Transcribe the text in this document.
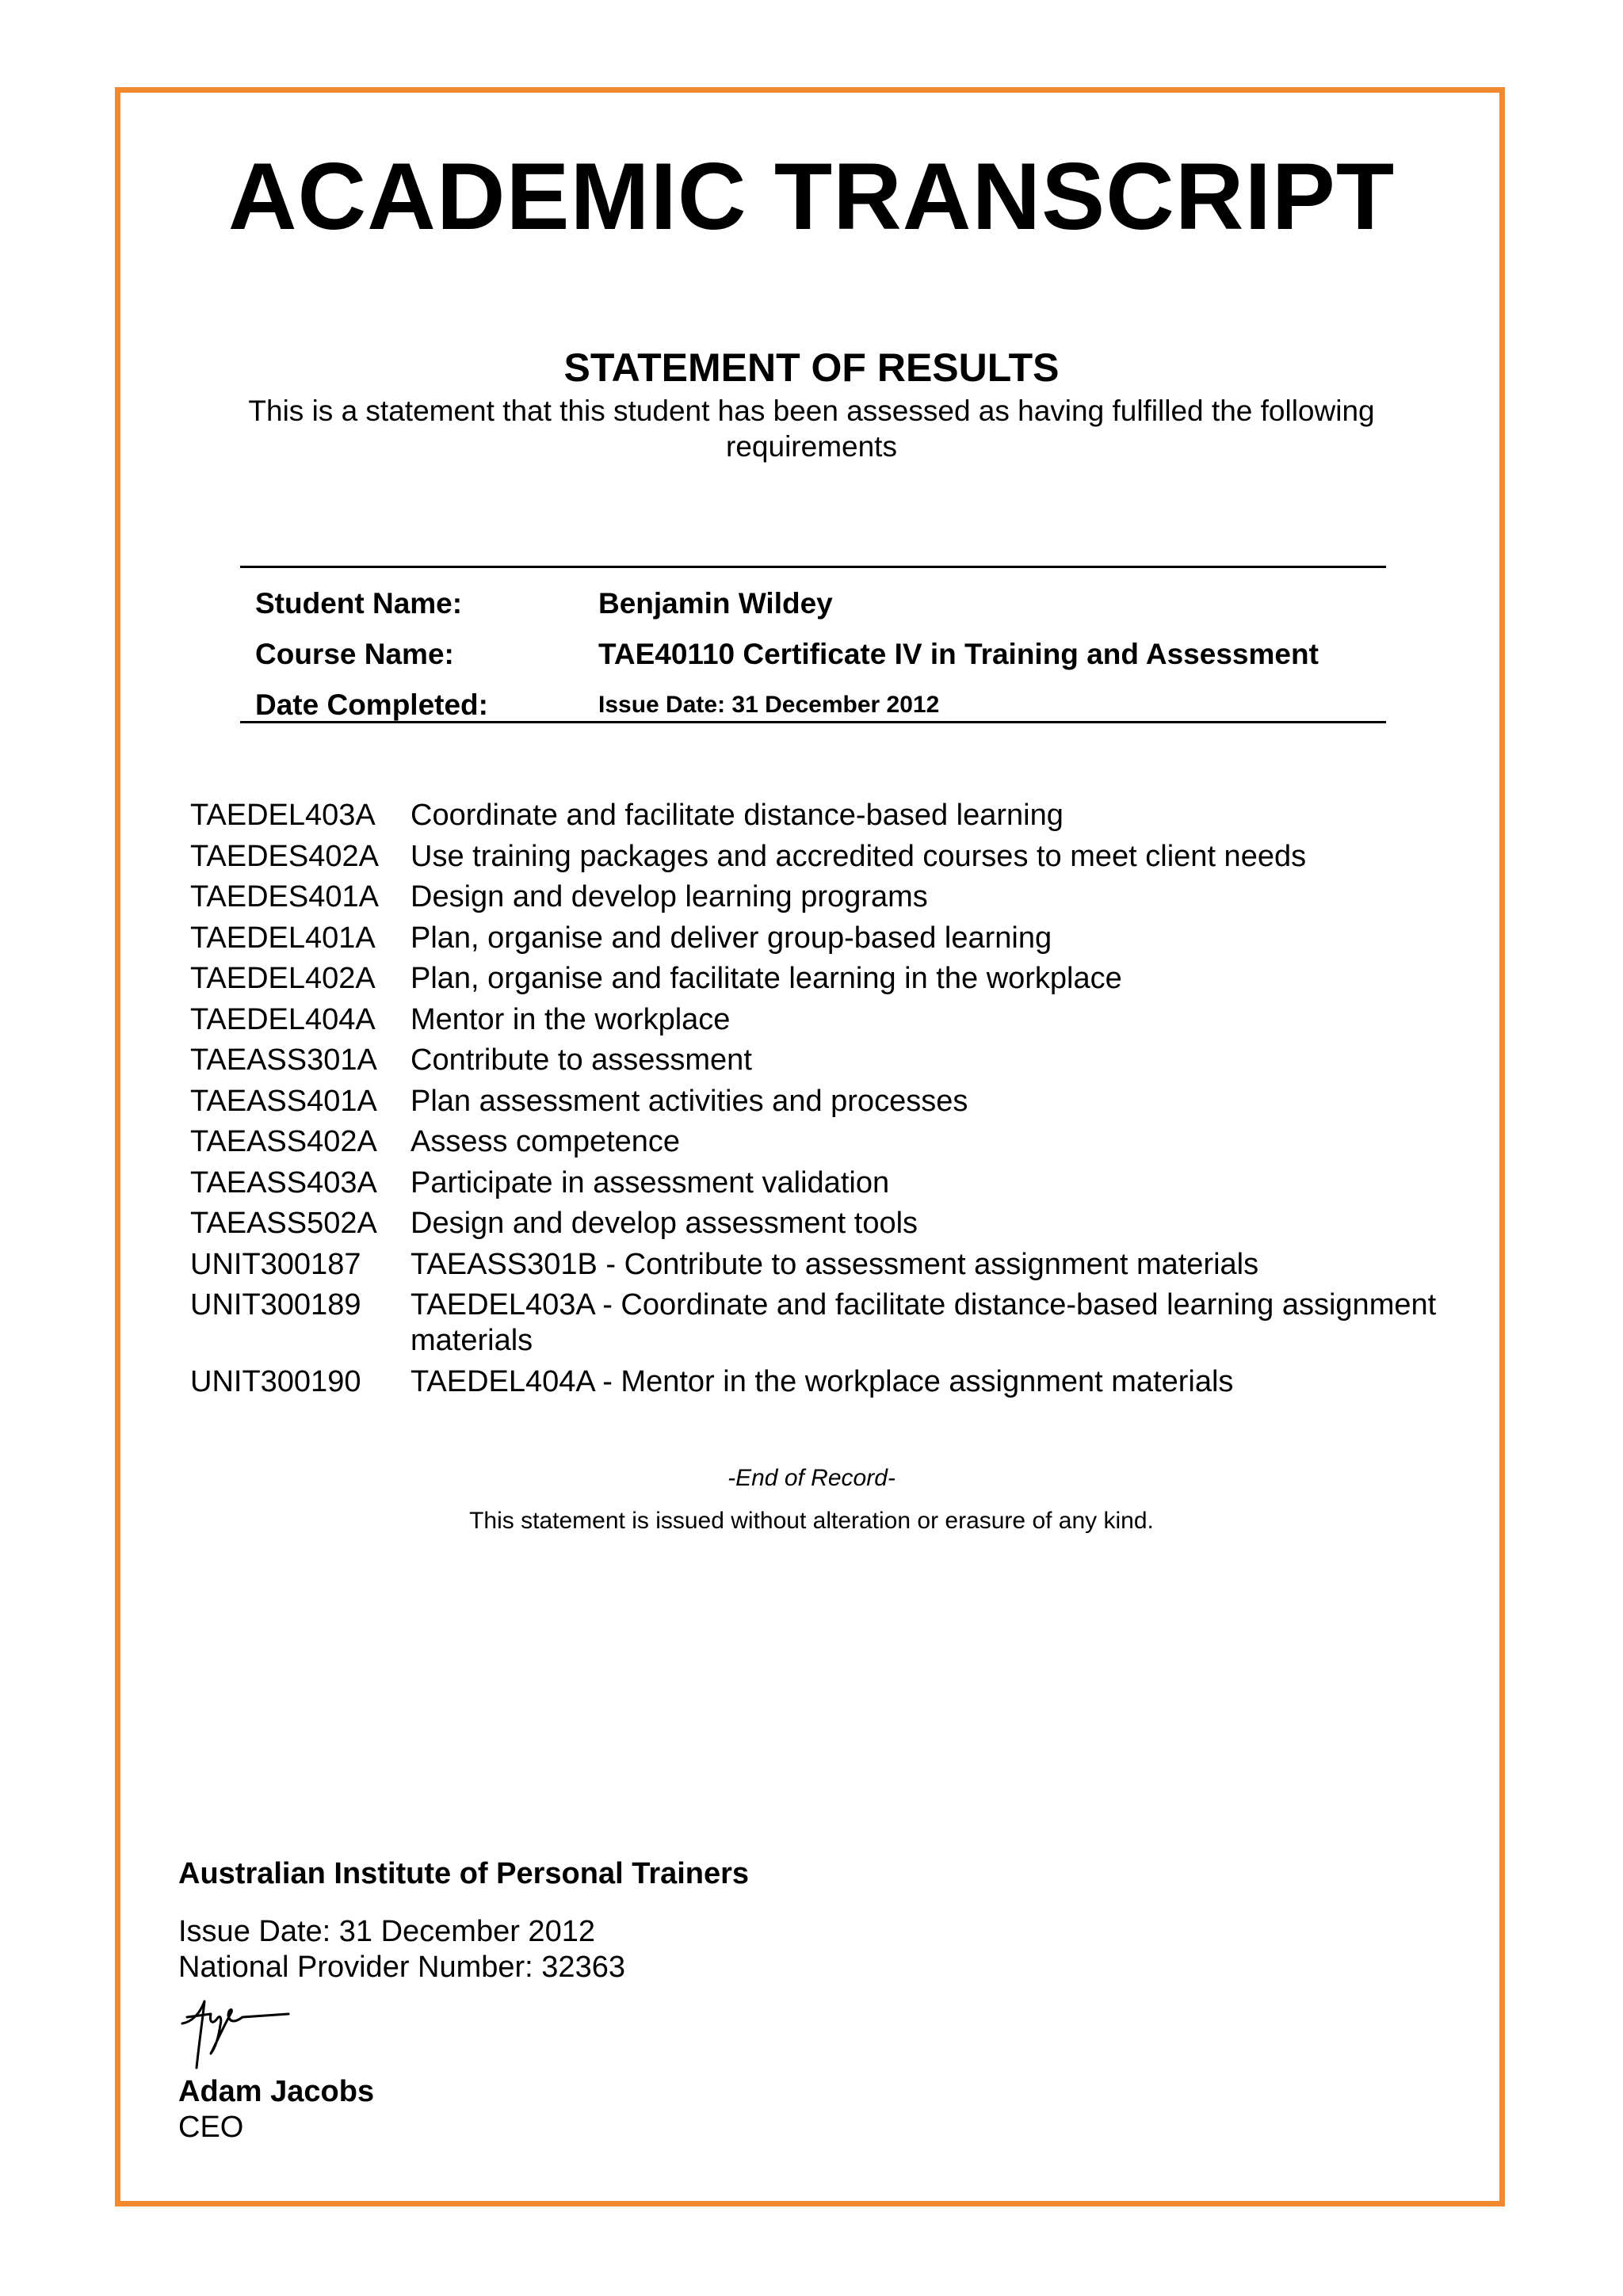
ACADEMIC TRANSCRIPT
STATEMENT OF RESULTS

This is a statement that this student has been assessed as having fulfilled the following requirements

Student Name:	Benjamin Wildey
Course Name:	TAE40110 Certificate IV in Training and Assessment
Date Completed:	Issue Date: 31 December 2012
TAEDEL403A	Coordinate and facilitate distance-based learning
TAEDES402A	Use training packages and accredited courses to meet client needs
TAEDES401A	Design and develop learning programs
TAEDEL401A	Plan, organise and deliver group-based learning
TAEDEL402A	Plan, organise and facilitate learning in the workplace
TAEDEL404A	Mentor in the workplace
TAEASS301A	Contribute to assessment
TAEASS401A	Plan assessment activities and processes
TAEASS402A	Assess competence
TAEASS403A	Participate in assessment validation
TAEASS502A	Design and develop assessment tools
UNIT300187	TAEASS301B - Contribute to assessment assignment materials
UNIT300189	TAEDEL403A - Coordinate and facilitate distance-based learning assignment materials
UNIT300190	TAEDEL404A - Mentor in the workplace assignment materials

-End of Record-

This statement is issued without alteration or erasure of any kind.

Australian Institute of Personal Trainers

Issue Date: 31 December 2012

National Provider Number: 32363

Adam Jacobs

CEO
